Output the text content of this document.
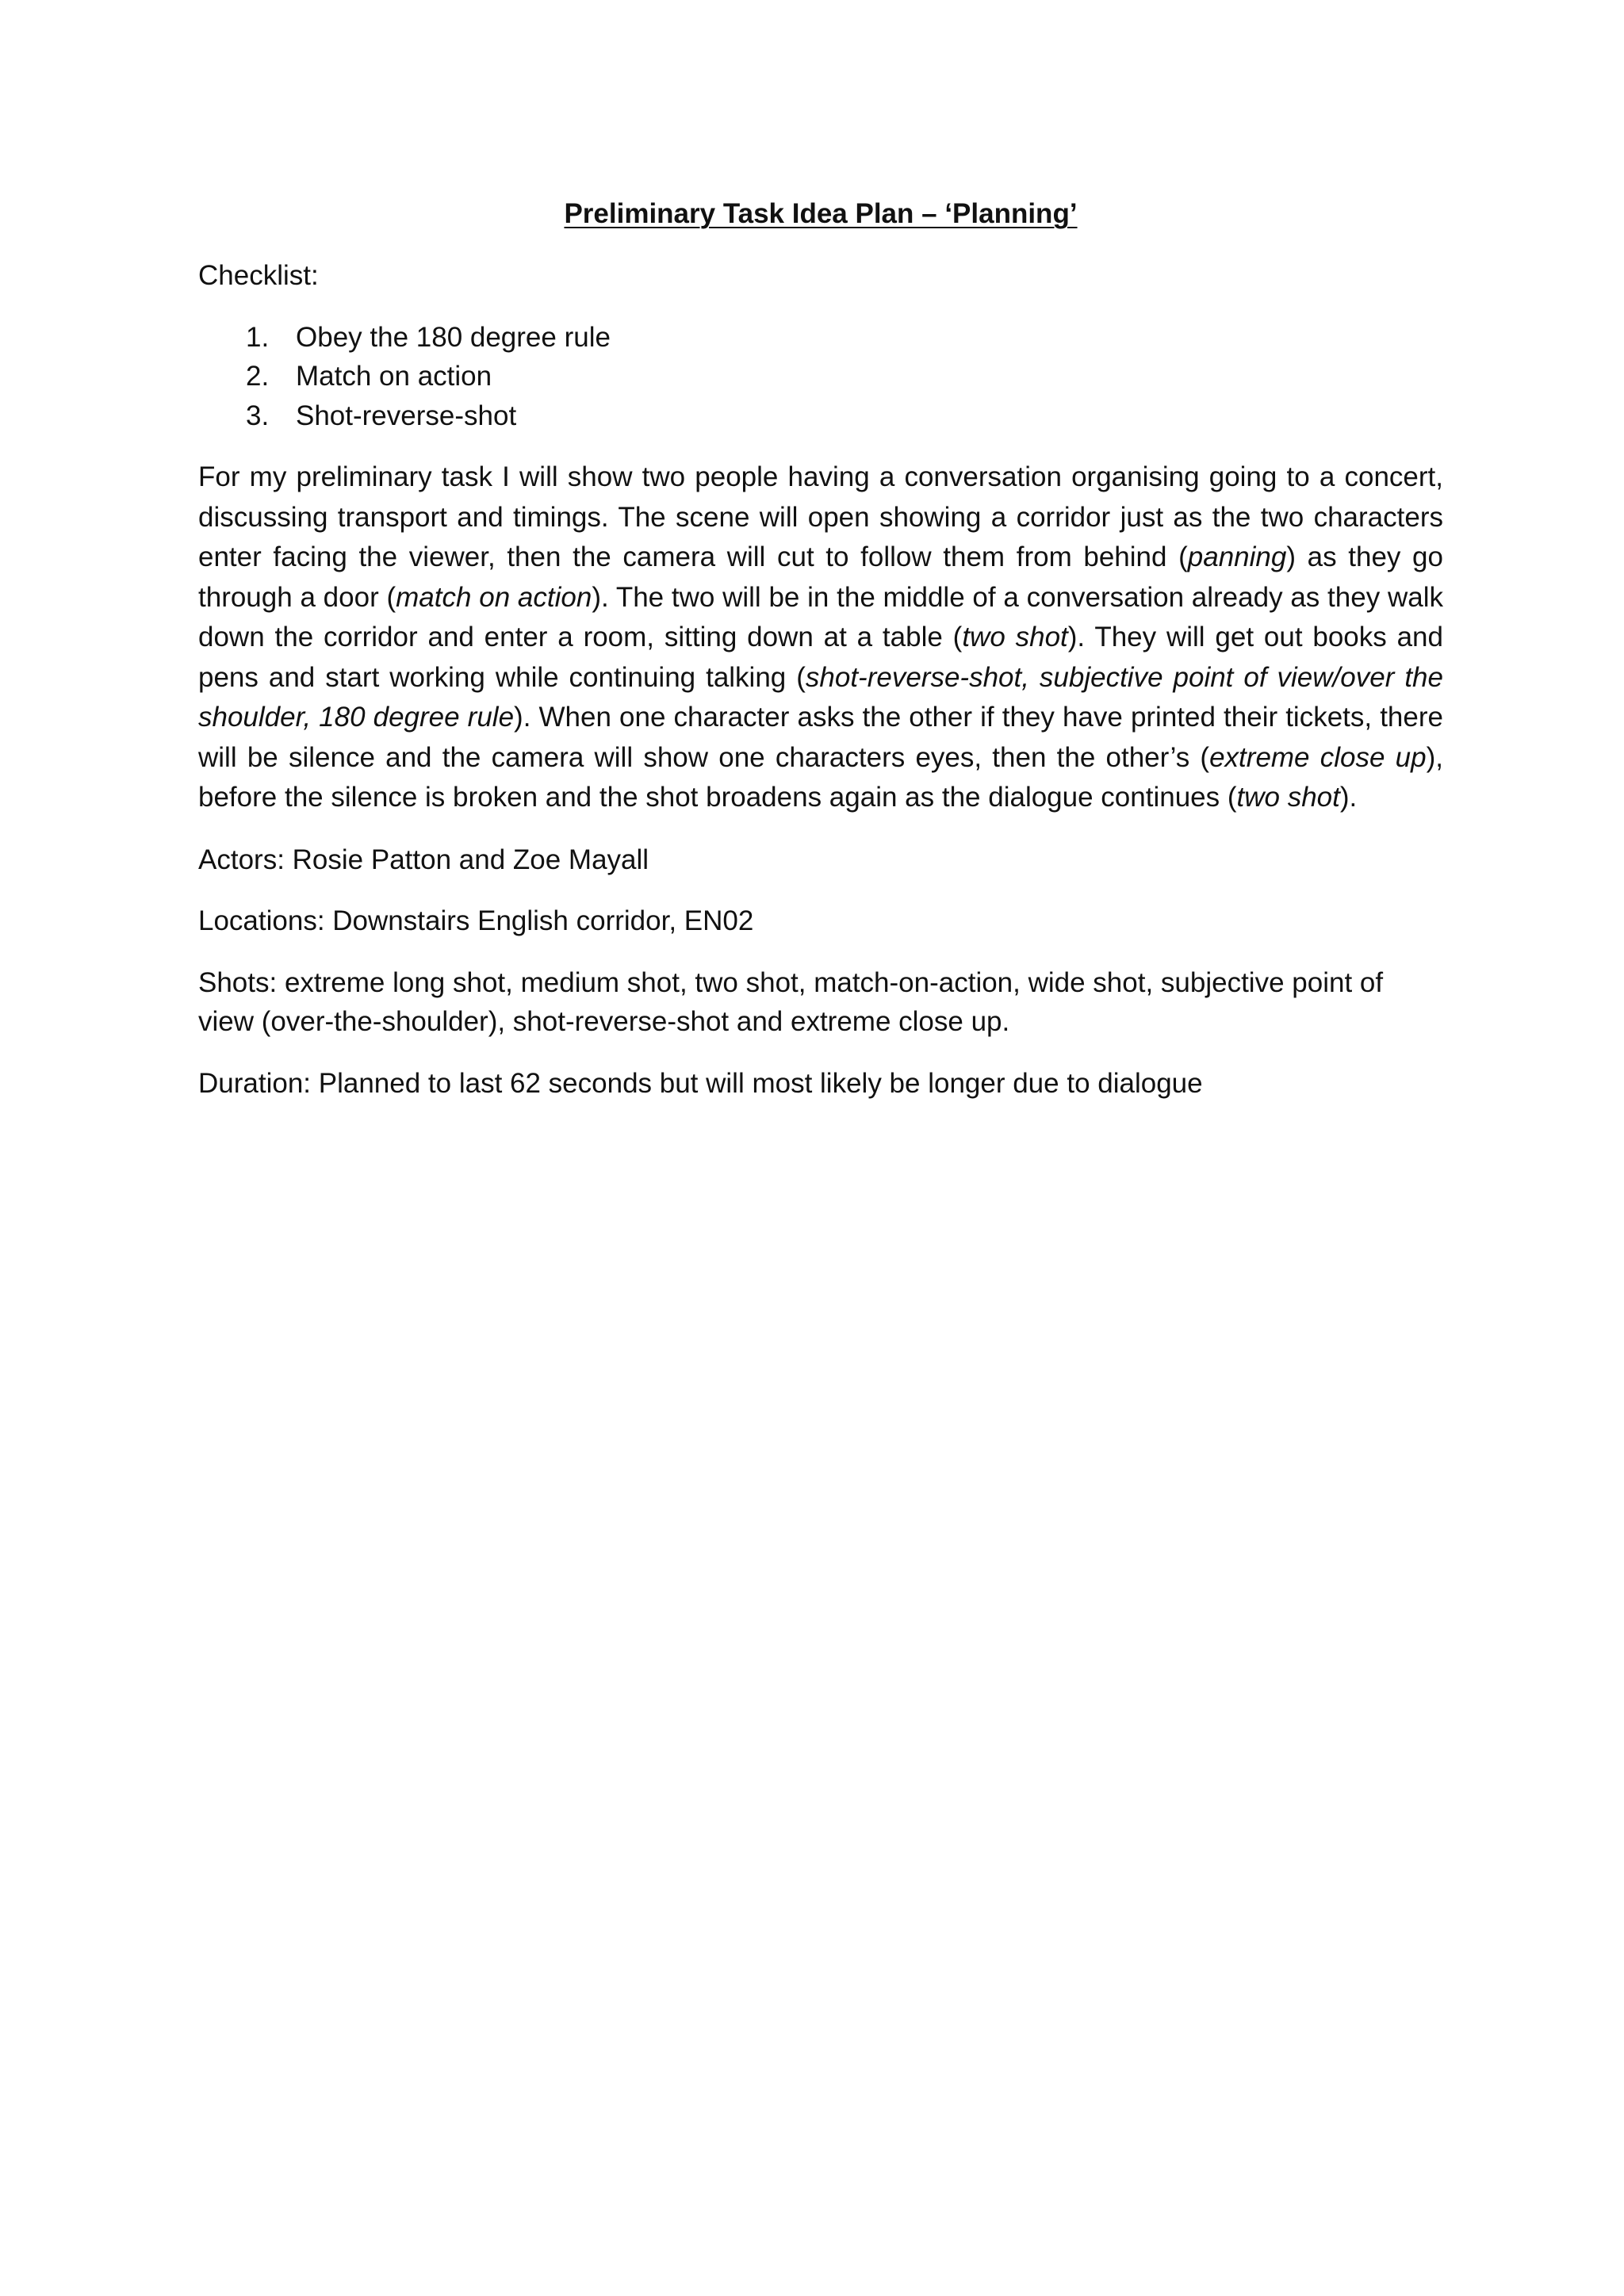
Preliminary Task Idea Plan – ‘Planning’
Checklist:
1. Obey the 180 degree rule
2. Match on action
3. Shot-reverse-shot
For my preliminary task I will show two people having a conversation organising going to a concert, discussing transport and timings. The scene will open showing a corridor just as the two characters enter facing the viewer, then the camera will cut to follow them from behind (panning) as they go through a door (match on action). The two will be in the middle of a conversation already as they walk down the corridor and enter a room, sitting down at a table (two shot). They will get out books and pens and start working while continuing talking (shot-reverse-shot, subjective point of view/over the shoulder, 180 degree rule). When one character asks the other if they have printed their tickets, there will be silence and the camera will show one characters eyes, then the other’s (extreme close up), before the silence is broken and the shot broadens again as the dialogue continues (two shot).
Actors: Rosie Patton and Zoe Mayall
Locations: Downstairs English corridor, EN02
Shots: extreme long shot, medium shot, two shot, match-on-action, wide shot, subjective point of view (over-the-shoulder), shot-reverse-shot and extreme close up.
Duration: Planned to last 62 seconds but will most likely be longer due to dialogue
